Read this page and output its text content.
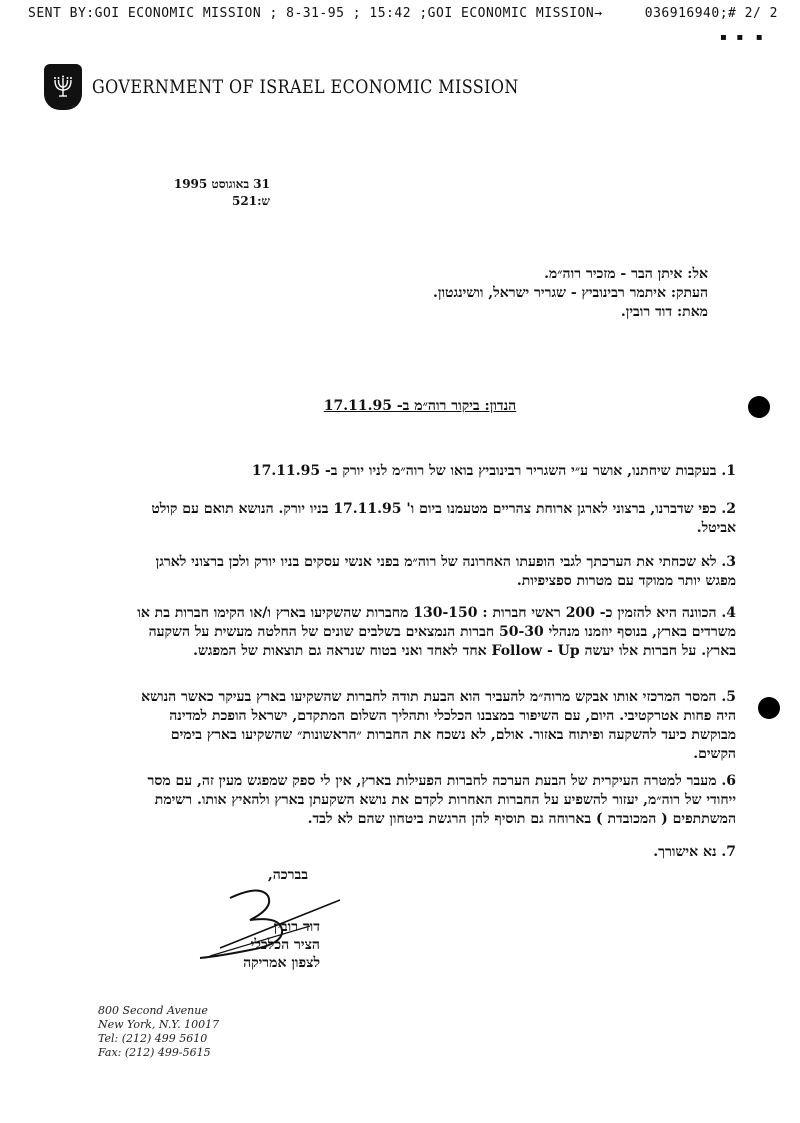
SENT BY:GOI ECONOMIC MISSION ; 8-31-95 ; 15:42 ;GOI ECONOMIC MISSION→	036916940;# 2/ 2
▪   ▪    ▪
GOVERNMENT OF ISRAEL ECONOMIC MISSION
31 באוגוסט 1995
ש:521
אל: איתן הבר - מזכיר רוה״מ.
העתק: איתמר רבינוביץ - שגריר ישראל, וושינגטון.
מאת: דוד רובין.
הנדון: ביקור רוה״מ ב- 17.11.95

1. בעקבות שיחתנו, אושר ע״י השגריר רבינוביץ בואו של רוה״מ לניו יורק ב- 17.11.95

2. כפי שדברנו, ברצוני לארגן ארוחת צהריים מטעמנו ביום ו' 17.11.95 בניו יורק. הנושא תואם עם קולט אביטל.

3. לא שכחתי את הערכתך לגבי הופעתו האחרונה של רוה״מ בפני אנשי עסקים בניו יורק ולכן ברצוני לארגן מפגש יותר ממוקד עם מטרות ספציפיות.

4. הכוונה היא להזמין כ- 200 ראשי חברות : 130-150 מחברות שהשקיעו בארץ ו/או הקימו חברות בת או משרדים בארץ, בנוסף יוזמנו מנהלי 50-30 חברות הנמצאים בשלבים שונים של החלטה מעשית על השקעה בארץ. על חברות אלו יעשה Follow - Up אחד לאחד ואני בטוח שנראה גם תוצאות של המפגש.

5. המסר המרכזי אותו אבקש מרוה״מ להעביר הוא הבעת תודה לחברות שהשקיעו בארץ בעיקר כאשר הנושא היה פחות אטרקטיבי. היום, עם השיפור במצבנו הכלכלי ותהליך השלום המתקדם, ישראל הופכת למדינה מבוקשת כיעד להשקעה ופיתוח באזור. אולם, לא נשכח את החברות ״הראשונות״ שהשקיעו בארץ בימים הקשים.

6. מעבר למטרה העיקרית של הבעת הערכה לחברות הפעילות בארץ, אין לי ספק שמפגש מעין זה, עם מסר ייחודי של רוה״מ, יעזור להשפיע על החברות האחרות לקדם את נושא השקעתן בארץ ולהאיץ אותו. רשימת המשתתפים ( המכובדת ) בארוחה גם תוסיף להן הרגשת ביטחון שהם לא לבד.

7. נא אישורך.

בברכה,
דוד רובין
הציר הכלכלי
לצפון אמריקה
800 Second Avenue
New York, N.Y. 10017
Tel: (212) 499 5610
Fax: (212) 499-5615
